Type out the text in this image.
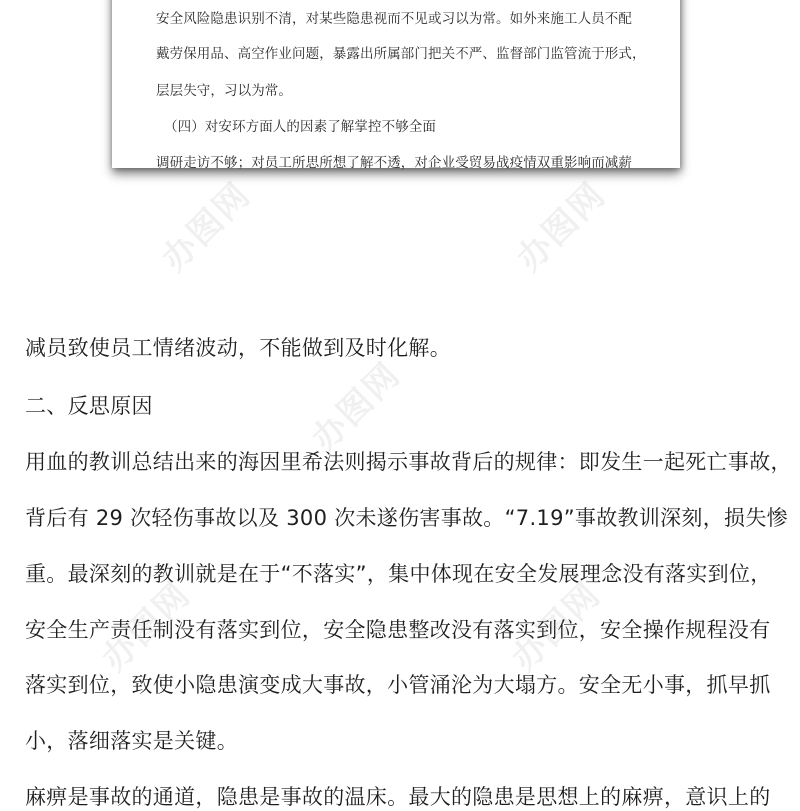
安全风险隐患识别不清，对某些隐患视而不见或习以为常。如外来施工人员不配
戴劳保用品、高空作业问题，暴露出所属部门把关不严、监督部门监管流于形式，
层层失守，习以为常。
（四）对安环方面人的因素了解掌控不够全面
调研走访不够；对员工所思所想了解不透，对企业受贸易战疫情双重影响而减薪
减员致使员工情绪波动，不能做到及时化解。
二、反思原因
用血的教训总结出来的海因里希法则揭示事故背后的规律：即发生一起死亡事故，
背后有 29 次轻伤事故以及 300 次未遂伤害事故。“7.19”事故教训深刻，损失惨
重。最深刻的教训就是在于“不落实”，集中体现在安全发展理念没有落实到位，
安全生产责任制没有落实到位，安全隐患整改没有落实到位，安全操作规程没有
落实到位，致使小隐患演变成大事故，小管涌沦为大塌方。安全无小事，抓早抓
小，落细落实是关键。
麻痹是事故的通道，隐患是事故的温床。最大的隐患是思想上的麻痹，意识上的
办图网	办图网
办图网
办图网	办图网
